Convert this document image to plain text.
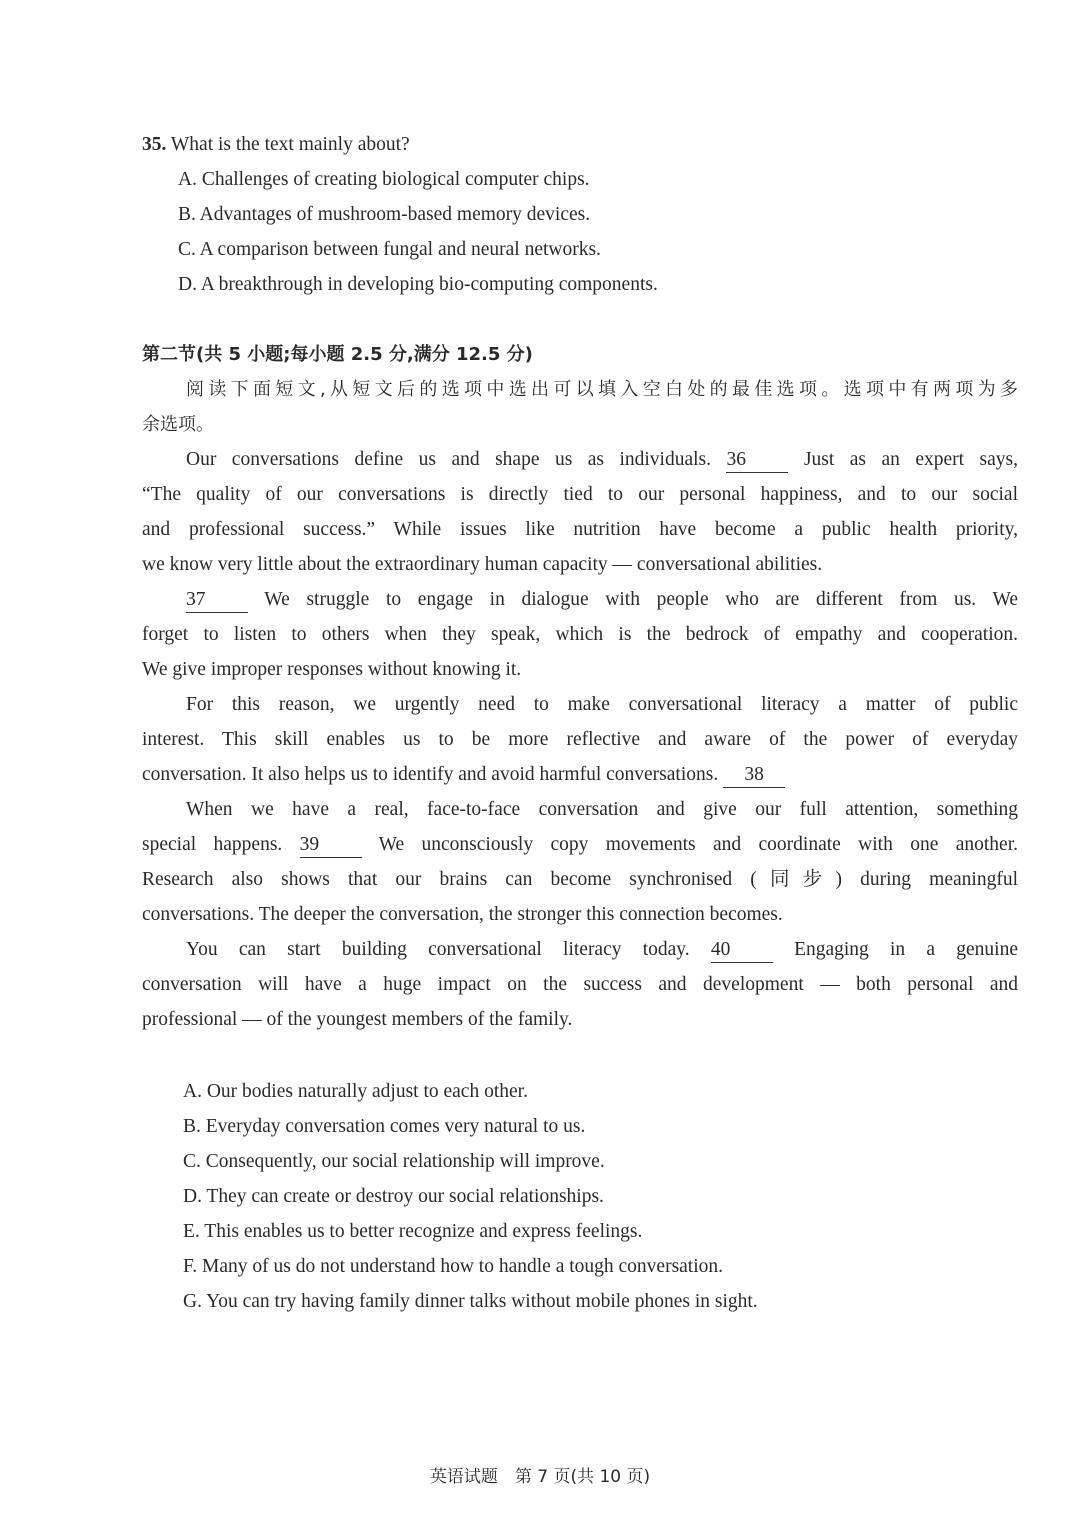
35. What is the text mainly about?
A. Challenges of creating biological computer chips.
B. Advantages of mushroom-based memory devices.
C. A comparison between fungal and neural networks.
D. A breakthrough in developing bio-computing components.
第二节(共 5 小题;每小题 2.5 分,满分 12.5 分)
阅读下面短文,从短文后的选项中选出可以填入空白处的最佳选项。选项中有两项为多
余选项。
Our conversations define us and shape us as individuals. 36 Just as an expert says,
“The quality of our conversations is directly tied to our personal happiness, and to our social
and professional success.” While issues like nutrition have become a public health priority,
we know very little about the extraordinary human capacity — conversational abilities.
37 We struggle to engage in dialogue with people who are different from us. We
forget to listen to others when they speak, which is the bedrock of empathy and cooperation.
We give improper responses without knowing it.
For this reason, we urgently need to make conversational literacy a matter of public
interest. This skill enables us to be more reflective and aware of the power of everyday
conversation. It also helps us to identify and avoid harmful conversations. 38
When we have a real, face-to-face conversation and give our full attention, something
special happens. 39 We unconsciously copy movements and coordinate with one another.
Research also shows that our brains can become synchronised (同步) during meaningful
conversations. The deeper the conversation, the stronger this connection becomes.
You can start building conversational literacy today. 40 Engaging in a genuine
conversation will have a huge impact on the success and development — both personal and
professional — of the youngest members of the family.
A. Our bodies naturally adjust to each other.
B. Everyday conversation comes very natural to us.
C. Consequently, our social relationship will improve.
D. They can create or destroy our social relationships.
E. This enables us to better recognize and express feelings.
F. Many of us do not understand how to handle a tough conversation.
G. You can try having family dinner talks without mobile phones in sight.
英语试题　第 7 页(共 10 页)
